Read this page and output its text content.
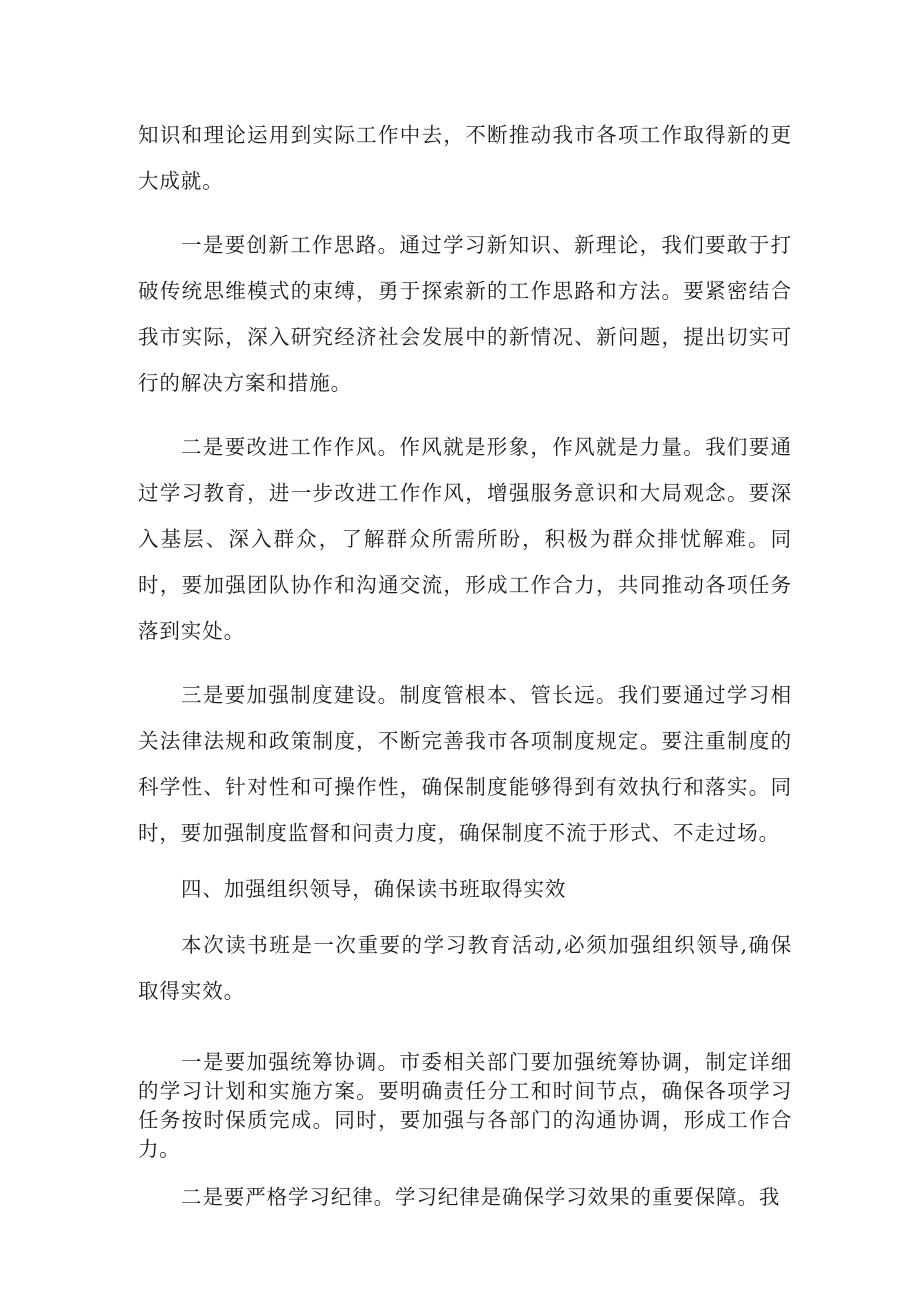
知识和理论运用到实际工作中去，不断推动我市各项工作取得新的更大成就。

一是要创新工作思路。通过学习新知识、新理论，我们要敢于打破传统思维模式的束缚，勇于探索新的工作思路和方法。要紧密结合我市实际，深入研究经济社会发展中的新情况、新问题，提出切实可行的解决方案和措施。

二是要改进工作作风。作风就是形象，作风就是力量。我们要通过学习教育，进一步改进工作作风，增强服务意识和大局观念。要深入基层、深入群众，了解群众所需所盼，积极为群众排忧解难。同时，要加强团队协作和沟通交流，形成工作合力，共同推动各项任务落到实处。

三是要加强制度建设。制度管根本、管长远。我们要通过学习相关法律法规和政策制度，不断完善我市各项制度规定。要注重制度的科学性、针对性和可操作性，确保制度能够得到有效执行和落实。同时，要加强制度监督和问责力度，确保制度不流于形式、不走过场。

四、加强组织领导，确保读书班取得实效

本次读书班是一次重要的学习教育活动,必须加强组织领导,确保取得实效。

一是要加强统筹协调。市委相关部门要加强统筹协调，制定详细的学习计划和实施方案。要明确责任分工和时间节点，确保各项学习任务按时保质完成。同时，要加强与各部门的沟通协调，形成工作合力。

二是要严格学习纪律。学习纪律是确保学习效果的重要保障。我
